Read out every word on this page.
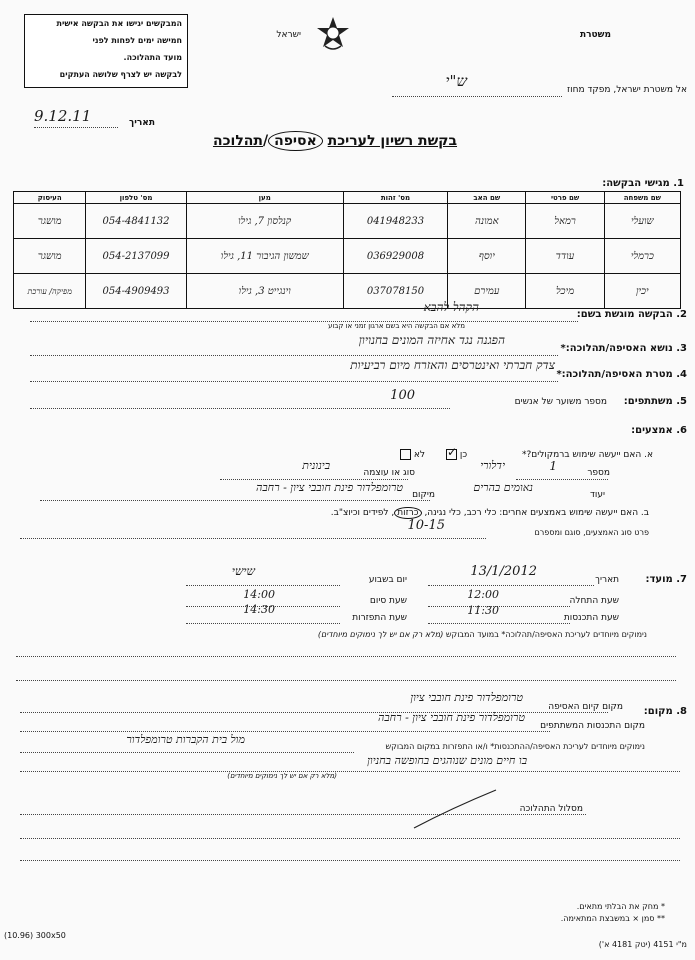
המבקשים יגישו את הבקשה אישית
חמישה ימים לפחות לפני
מועד התהלוכה.
לבקשה יש לצרף שלושה העתקים
משטרת
ישראל
אל משטרת ישראל, מפקד מחוז
ש"י
9.12.11	תאריך
בקשת רשיון לעריכת אסיפה/תהלוכה
1. מגישי הבקשה:
שם משפחה	שם פרטי	שם האב	מס' זהות	מען	מס' טלפון	העיסוק
שועלי	רמאל	אמונה	041948233	קנלסון 7, גילו	054-4841132	מושגר
כרמלי	עודד	יוסף	036929008	שמשון הגיבור 11, גילו	054-2137099	מושגר
יכין	מיכל	עמירם	037078150	וינגייט 3, גילו	054-4909493	מפיקה/ עורכת
2. הבקשה מוגשת בשם:
הקהל להבא
מלא אם הבקשה היא בשם ארגון זמני או קבוע
3. נושא האסיפה/תהלוכה:*
הפגנה נגד אחיזה המונים בחנויון
4. מטרת האסיפה/תהלוכה:*
צדק חברתי ואינטרסים והאזרח מיום רביעיות
5. משתתפים:
מספר משוער של אנשים
100
6. אמצעים:
א. האם ייעשה שימוש ברמקולים?*
כן
✓
לא
מספר
1
סוג או עוצמה
ידלורי
בינונית
יעוד
נאומים בהרים
מיקום
טרומפלדור פינת חובבי ציון - רחבה
ב. האם ייעשה שימוש באמצעים אחרים: כלי רכב, כלי נגינה, כרזות, לפידים וכיוצ"ב.
פרט סוג האמצעים, סוגם ומספרם
10-15
7. מועד:
תאריך
13/1/2012
יום בשבוע
שישי
שעת התחלה
12:00
שעת סיום
14:00
שעת התכנסות
11:30
שעת התפזרות
14:30
נימוקים מיוחדים לעריכת האסיפה/תהלוכה* במועד המבוקש (מלא רק אם יש לך נימוקים מיוחדים)
8. מקום:
מקום קיום האסיפה
טרומפלדור פינת חובבי ציון
מקום התכנסות המשתתפים
טרומפלדור פינת חובבי ציון - רחבה
נימוקים מיוחדים לעריכת האסיפה/ההתכנסות* ו/או התפזרות במקום המבוקש
מול בית הקברות טרומפלדור
בו חיים מונים שנוהגים בחופשה בחניון
(מלא רק אם יש לך נימוקים מיוחדים)
מסלול התהלוכה
* מחק את הבלתי מתאים.
** סמן × במשבצת המתאימה.
(10.96) 300x50
מ"י 4151 (יטק 4181 א')
